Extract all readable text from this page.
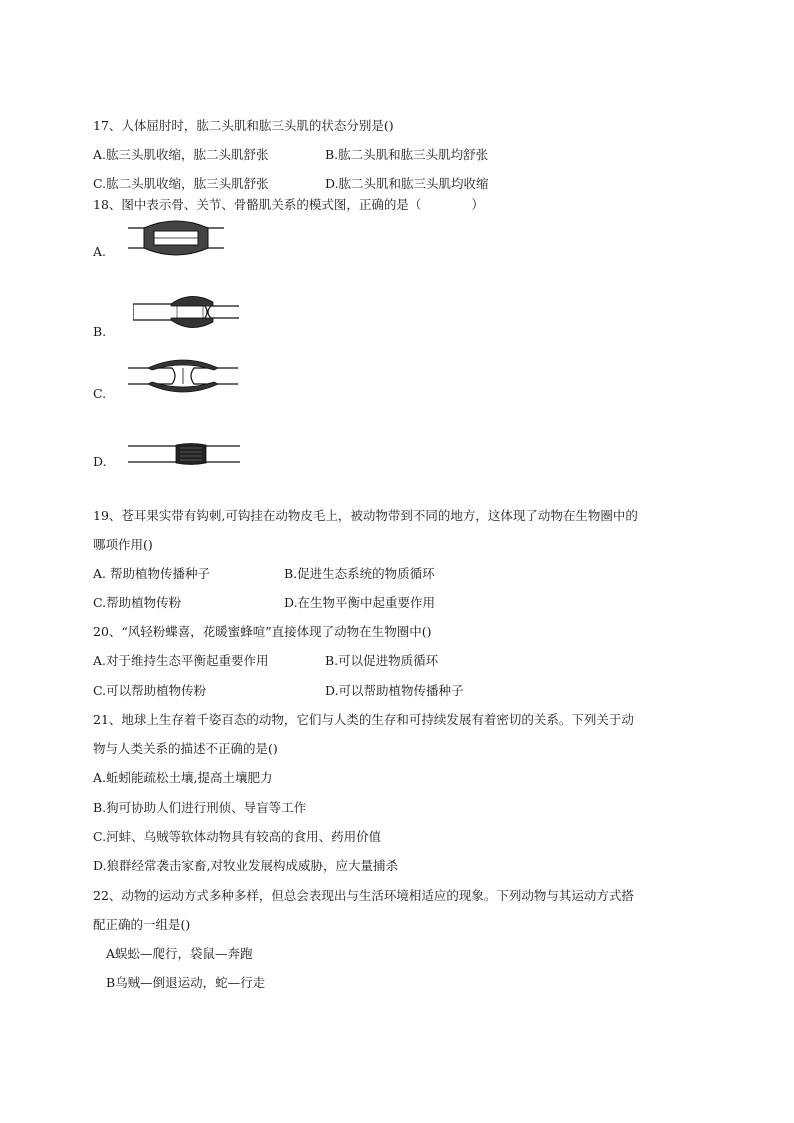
17、人体屈肘时，肱二头肌和肱三头肌的状态分别是()
A.肱三头肌收缩，肱二头肌舒张	B.肱二头肌和肱三头肌均舒张
C.肱二头肌收缩，肱三头肌舒张	D.肱二头肌和肱三头肌均收缩
18、图中表示骨、关节、骨骼肌关系的模式图，正确的是（　　　　）
A.
B.
C.
D.
19、苍耳果实带有钩刺,可钩挂在动物皮毛上，被动物带到不同的地方，这体现了动物在生物圈中的
哪项作用()
A. 帮助植物传播种子	B.促进生态系统的物质循环
C.帮助植物传粉	D.在生物平衡中起重要作用
20、“风轻粉蝶喜，花暖蜜蜂喧”直接体现了动物在生物圈中()
A.对于维持生态平衡起重要作用	B.可以促进物质循环
C.可以帮助植物传粉	D.可以帮助植物传播种子
21、地球上生存着千姿百态的动物，它们与人类的生存和可持续发展有着密切的关系。下列关于动
物与人类关系的描述不正确的是()
A.蚯蚓能疏松土壤,提高土壤肥力
B.狗可协助人们进行刑侦、导盲等工作
C.河蚌、乌贼等软体动物具有较高的食用、药用价值
D.狼群经常袭击家畜,对牧业发展构成威胁，应大量捕杀
22、动物的运动方式多种多样，但总会表现出与生活环境相适应的现象。下列动物与其运动方式搭
配正确的一组是()
A蜈蚣—爬行，袋鼠—奔跑
B乌贼—倒退运动，蛇—行走
